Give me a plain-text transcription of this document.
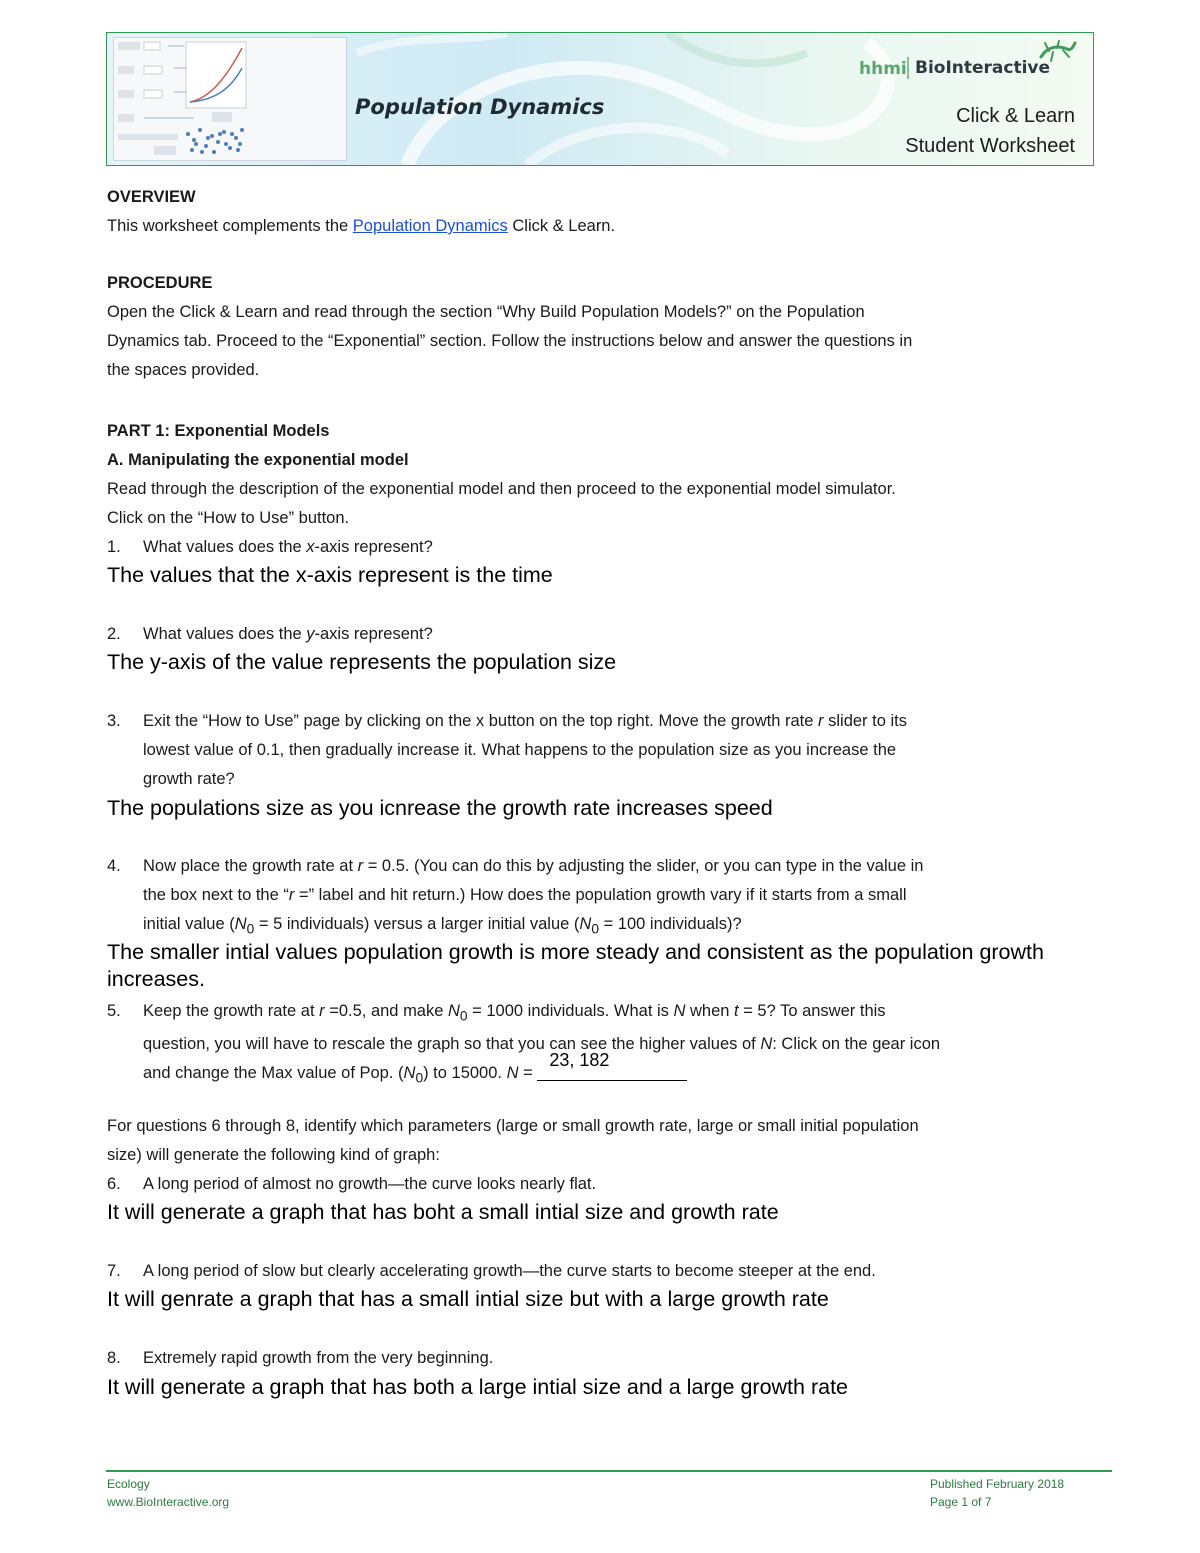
Population Dynamics
hhmi BioInteractive
Click & Learn
Student Worksheet
OVERVIEW
This worksheet complements the Population Dynamics Click & Learn.
PROCEDURE
Open the Click & Learn and read through the section “Why Build Population Models?” on the Population
Dynamics tab. Proceed to the “Exponential” section. Follow the instructions below and answer the questions in
the spaces provided.
PART 1: Exponential Models
A. Manipulating the exponential model
Read through the description of the exponential model and then proceed to the exponential model simulator.
Click on the “How to Use” button.
1.	What values does the x-axis represent?
The values that the x-axis represent is the time
2.	What values does the y-axis represent?
The y-axis of the value represents the population size
3.	Exit the “How to Use” page by clicking on the x button on the top right. Move the growth rate r slider to its
lowest value of 0.1, then gradually increase it. What happens to the population size as you increase the
growth rate?
The populations size as you icnrease the growth rate increases speed
4.	Now place the growth rate at r = 0.5. (You can do this by adjusting the slider, or you can type in the value in
the box next to the “r =” label and hit return.) How does the population growth vary if it starts from a small
initial value ($N_0 = 5$ individuals) versus a larger initial value ($N_0 = 100$ individuals)?
The smaller intial values population growth is more steady and consistent as the population growth increases.
5.	Keep the growth rate at r =0.5, and make $N_0 = 1000$ individuals. What is N when t = 5? To answer this
question, you will have to rescale the graph so that you can see the higher values of N: Click on the gear icon
and change the Max value of Pop. $(N_0)$ to 15000. N =
23, 182
For questions 6 through 8, identify which parameters (large or small growth rate, large or small initial population
size) will generate the following kind of graph:
6.	A long period of almost no growth—the curve looks nearly flat.
It will generate a graph that has boht a small intial size and growth rate
7.	A long period of slow but clearly accelerating growth—the curve starts to become steeper at the end.
It will genrate a graph that has a small intial size but with a large growth rate
8.	Extremely rapid growth from the very beginning.
It will generate a graph that has both a large intial size and a large growth rate
Ecology
www.BioInteractive.org
Published February 2018
Page 1 of 7
